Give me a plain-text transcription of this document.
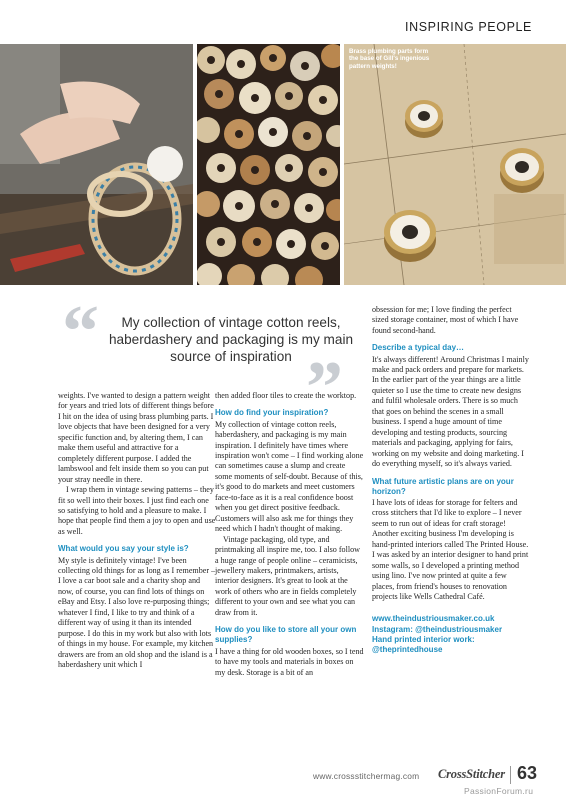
INSPIRING PEOPLE
Brass plumbing parts form the base of Gill's ingenious pattern weights!
“	My collection of vintage cotton reels, haberdashery and packaging is my main source of inspiration ”

weights. I've wanted to design a pattern weight for years and tried lots of different things before I hit on the idea of using brass plumbing parts. I love objects that have been designed for a very specific function and, by altering them, I can make them useful and attractive for a completely different purpose. I added the lambswool and felt inside them so you can put your stray needle in there.

I wrap them in vintage sewing patterns – they fit so well into their boxes. I just find each one so satisfying to hold and a pleasure to make. I hope that people find them a joy to open and use as well.

What would you say your style is?

My style is definitely vintage! I've been collecting old things for as long as I remember – I love a car boot sale and a charity shop and now, of course, you can find lots of things on eBay and Etsy. I also love re-purposing things; whatever I find, I like to try and think of a different way of using it than its intended purpose. I do this in my work but also with lots of things in my house. For example, my kitchen drawers are from an old shop and the island is a haberdashery unit which I

then added floor tiles to create the worktop.

How do find your inspiration?

My collection of vintage cotton reels, haberdashery, and packaging is my main inspiration. I definitely have times where inspiration won't come – I find working alone can sometimes cause a slump and create some moments of self-doubt. Because of this, it's good to do markets and meet customers face-to-face as it is a real confidence boost when you get direct positive feedback. Customers will also ask me for things they need which I hadn't thought of making.

Vintage packaging, old type, and printmaking all inspire me, too. I also follow a huge range of people online – ceramicists, jewellery makers, printmakers, artists, interior designers. It's great to look at the work of others who are in fields completely different to your own and see what you can draw from it.

How do you like to store all your own supplies?

I have a thing for old wooden boxes, so I tend to have my tools and materials in boxes on my desk. Storage is a bit of an

obsession for me; I love finding the perfect sized storage container, most of which I have found second-hand.

Describe a typical day…

It's always different! Around Christmas I mainly make and pack orders and prepare for markets. In the earlier part of the year things are a little quieter so I use the time to create new designs and fulfil wholesale orders. There is so much that goes on behind the scenes in a small business. I spend a huge amount of time developing and testing products, sourcing materials and packaging, applying for fairs, working on my website and doing marketing. I do everything myself, so it's always varied.

What future artistic plans are on your horizon?

I have lots of ideas for storage for felters and cross stitchers that I'd like to explore – I never seem to run out of ideas for craft storage! Another exciting business I'm developing is hand-printed interiors called The Printed House. I was asked by an interior designer to hand print some walls, so I developed a printing method using lino. I've now printed at quite a few places, from friend's houses to renovation projects like Wells Cathedral Café.

www.theindustriousmaker.co.uk
Instagram: @theindustriousmaker
Hand printed interior work:
@theprintedhouse
www.crossstitchermag.com CrossStitcher 63
PassionForum.ru
